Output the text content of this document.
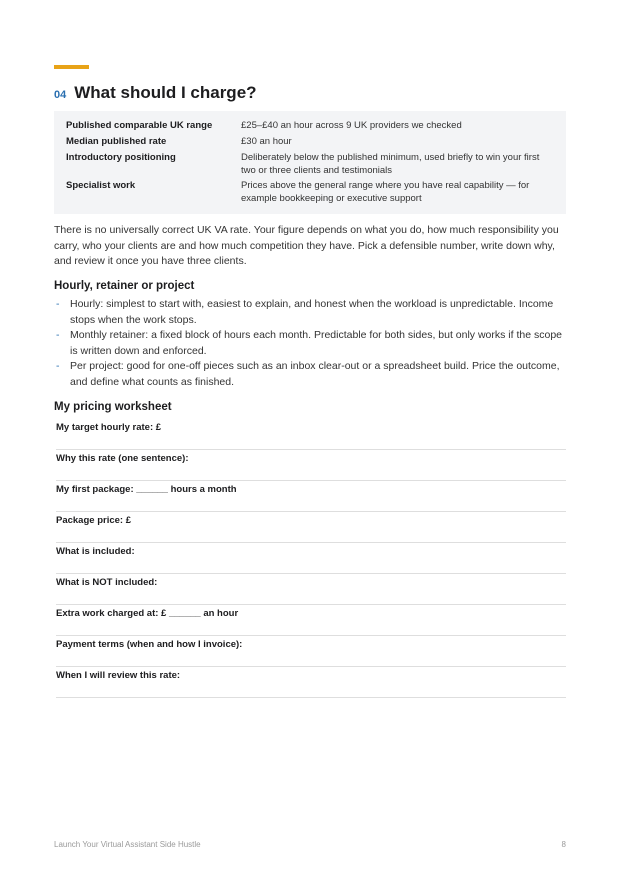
04 What should I charge?
Published comparable UK range	£25–£40 an hour across 9 UK providers we checked
Median published rate	£30 an hour
Introductory positioning	Deliberately below the published minimum, used briefly to win your first two or three clients and testimonials
Specialist work	Prices above the general range where you have real capability — for example bookkeeping or executive support
There is no universally correct UK VA rate. Your figure depends on what you do, how much responsibility you carry, who your clients are and how much competition they have. Pick a defensible number, write down why, and review it once you have three clients.
Hourly, retainer or project
- Hourly: simplest to start with, easiest to explain, and honest when the workload is unpredictable. Income stops when the work stops.
- Monthly retainer: a fixed block of hours each month. Predictable for both sides, but only works if the scope is written down and enforced.
- Per project: good for one-off pieces such as an inbox clear-out or a spreadsheet build. Price the outcome, and define what counts as finished.
My pricing worksheet
My target hourly rate: £
Why this rate (one sentence):
My first package: ______ hours a month
Package price: £
What is included:
What is NOT included:
Extra work charged at: £ ______ an hour
Payment terms (when and how I invoice):
When I will review this rate:
Launch Your Virtual Assistant Side Hustle	8
